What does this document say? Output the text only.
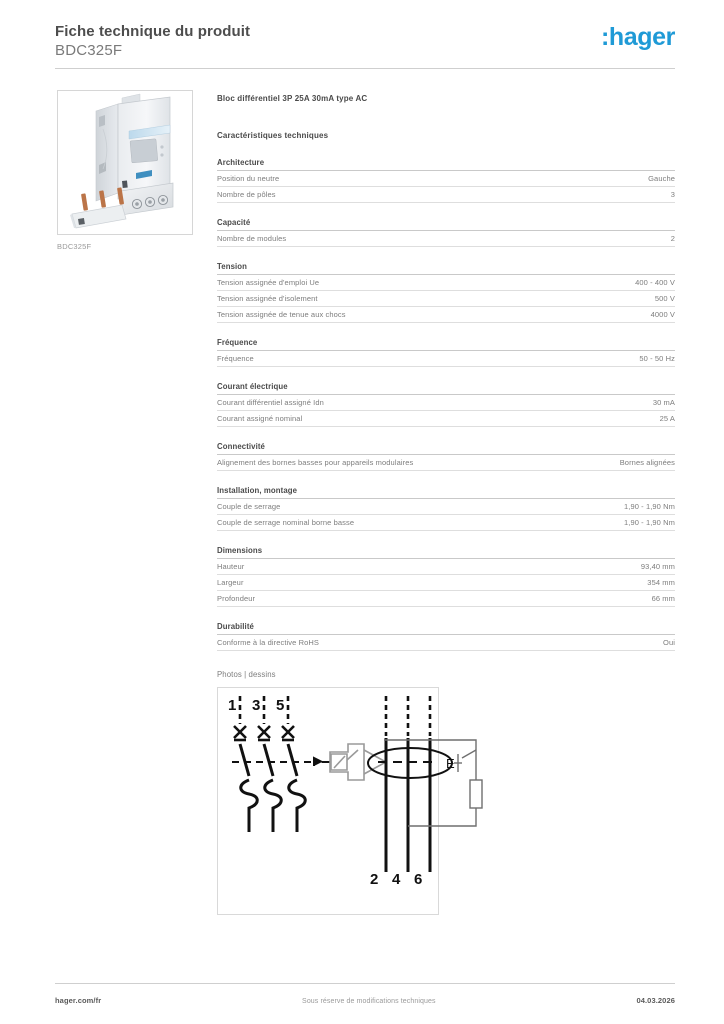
Fiche technique du produit
BDC325F	:hager
BDC325F
Bloc différentiel 3P 25A 30mA type AC
Caractéristiques techniques
Architecture
Position du neutre	Gauche
Nombre de pôles	3
Capacité
Nombre de modules	2
Tension
Tension assignée d'emploi Ue	400 - 400 V
Tension assignée d'isolement	500 V
Tension assignée de tenue aux chocs	4000 V
Fréquence
Fréquence	50 - 50 Hz
Courant électrique
Courant différentiel assigné Idn	30 mA
Courant assigné nominal	25 A
Connectivité
Alignement des bornes basses pour appareils modulaires	Bornes alignées
Installation, montage
Couple de serrage	1,90 - 1,90 Nm
Couple de serrage nominal borne basse	1,90 - 1,90 Nm
Dimensions
Hauteur	93,40 mm
Largeur	354 mm
Profondeur	66 mm
Durabilité
Conforme à la directive RoHS	Oui
Photos | dessins
1 3 5
E
2 4 6
hager.com/fr	Sous réserve de modifications techniques	04.03.2026
